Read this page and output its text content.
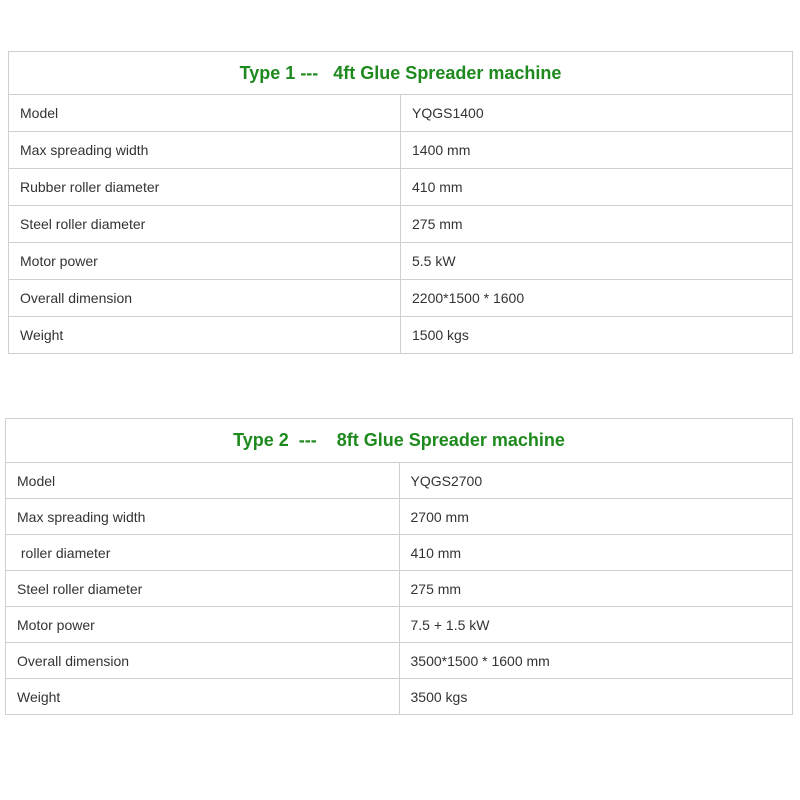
Type 1 ---   4ft Glue Spreader machine	
Model	YQGS1400
Max spreading width	1400 mm
Rubber roller diameter	410 mm
Steel roller diameter	275 mm
Motor power	5.5 kW
Overall dimension	2200*1500 * 1600
Weight	1500 kgs
Type 2  ---    8ft Glue Spreader machine	
Model	YQGS2700
Max spreading width	2700 mm
roller diameter	410 mm
Steel roller diameter	275 mm
Motor power	7.5 + 1.5 kW
Overall dimension	3500*1500 * 1600 mm
Weight	3500 kgs
